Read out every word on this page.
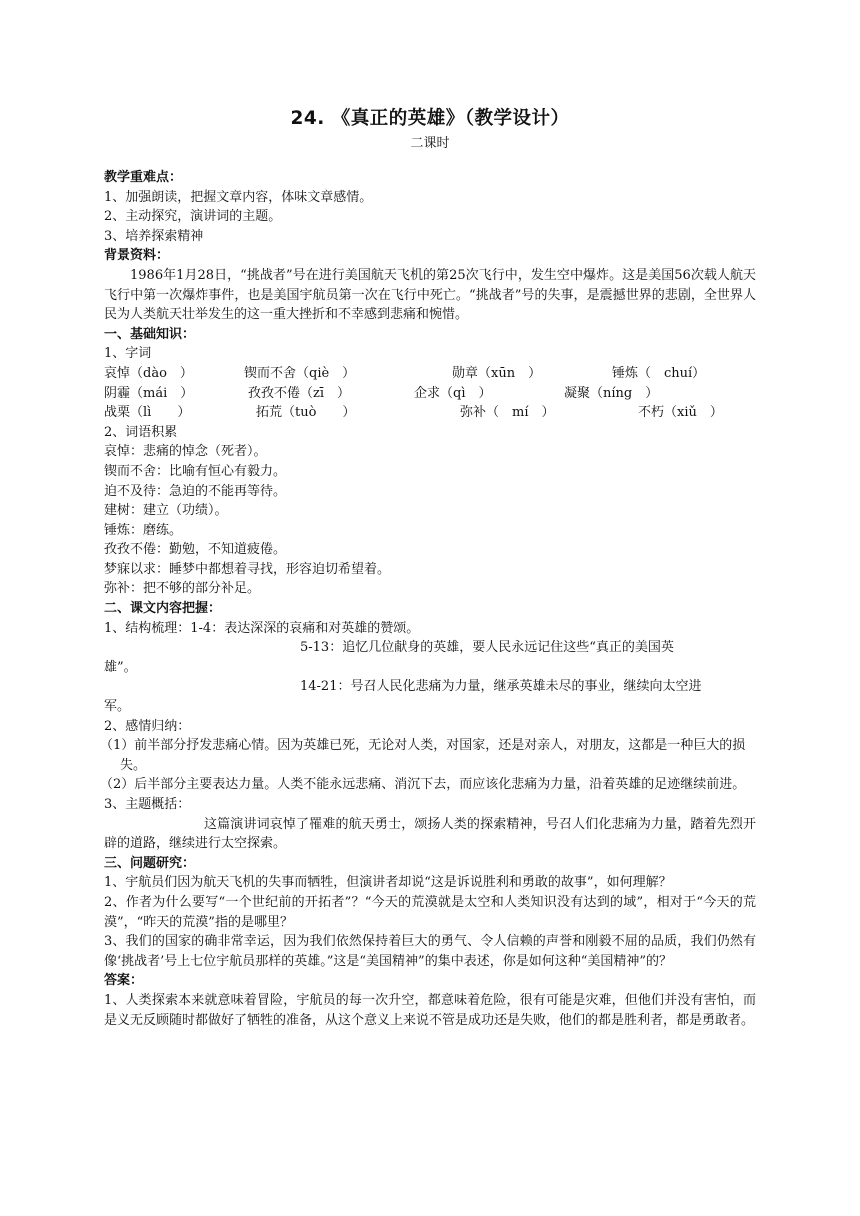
24. 《真正的英雄》（教学设计）
二课时
教学重难点：
1、加强朗读，把握文章内容，体味文章感情。
2、主动探究，演讲词的主题。
3、培养探索精神
背景资料：
1986年1月28日，“挑战者”号在进行美国航天飞机的第25次飞行中，发生空中爆炸。这是美国56次载人航天飞行中第一次爆炸事件，也是美国宇航员第一次在飞行中死亡。“挑战者”号的失事，是震撼世界的悲剧，全世界人民为人类航天壮举发生的这一重大挫折和不幸感到悲痛和惋惜。
一、基础知识：
1、字词
哀悼（dào　）	锲而不舍（qiè　）	勋章（xūn　）	锤炼（　chuí）
阴霾（mái　）	孜孜不倦（zī　）	企求（qì　）	凝聚（níng　）
战栗（lì　　）	拓荒（tuò　　）	弥补（　mí　）	不朽（xiǔ　）
2、词语积累
哀悼：悲痛的悼念（死者）。
锲而不舍：比喻有恒心有毅力。
迫不及待：急迫的不能再等待。
建树：建立（功绩）。
锤炼：磨练。
孜孜不倦：勤勉，不知道疲倦。
梦寐以求：睡梦中都想着寻找，形容迫切希望着。
弥补：把不够的部分补足。
二、课文内容把握：
1、结构梳理：1-4：表达深深的哀痛和对英雄的赞颂。
5-13：追忆几位献身的英雄，要人民永远记住这些“真正的美国英
雄”。
14-21：号召人民化悲痛为力量，继承英雄未尽的事业，继续向太空进
军。
2、感情归纳：
（1）前半部分抒发悲痛心情。因为英雄已死，无论对人类，对国家，还是对亲人，对朋友，这都是一种巨大的损失。
（2）后半部分主要表达力量。人类不能永远悲痛、消沉下去，而应该化悲痛为力量，沿着英雄的足迹继续前进。
3、主题概括：
这篇演讲词哀悼了罹难的航天勇士，颂扬人类的探索精神，号召人们化悲痛为力量，踏着先烈开辟的道路，继续进行太空探索。
三、问题研究：
1、宇航员们因为航天飞机的失事而牺牲，但演讲者却说“这是诉说胜利和勇敢的故事”，如何理解？
2、作者为什么要写“一个世纪前的开拓者”？“今天的荒漠就是太空和人类知识没有达到的域”，相对于“今天的荒漠”，“昨天的荒漠”指的是哪里？
3、我们的国家的确非常幸运，因为我们依然保持着巨大的勇气、令人信赖的声誉和刚毅不屈的品质，我们仍然有像‘挑战者’号上七位宇航员那样的英雄。”这是“美国精神”的集中表述，你是如何这种“美国精神”的？
答案：
1、人类探索本来就意味着冒险，宇航员的每一次升空，都意味着危险，很有可能是灾难，但他们并没有害怕，而是义无反顾随时都做好了牺牲的准备，从这个意义上来说不管是成功还是失败，他们的都是胜利者，都是勇敢者。
